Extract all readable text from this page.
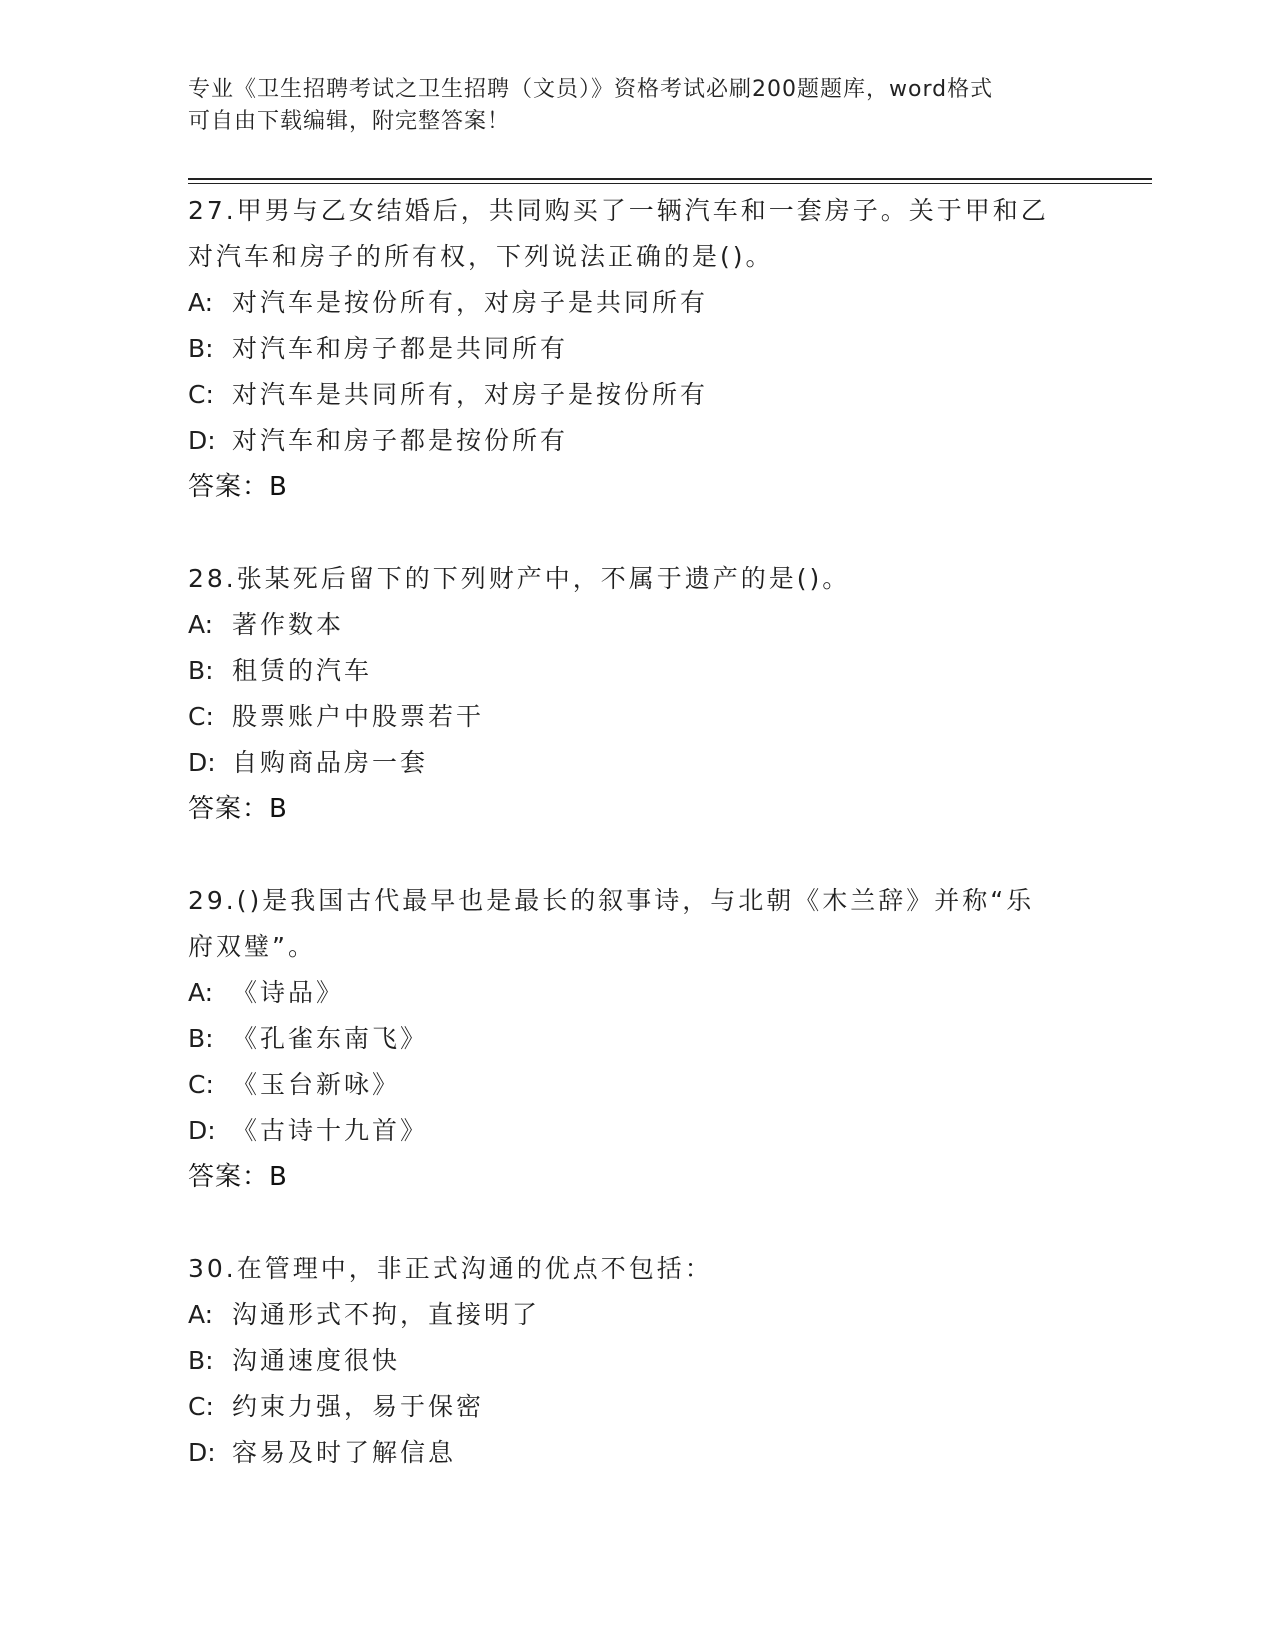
专业《卫生招聘考试之卫生招聘（文员）》资格考试必刷200题题库，word格式
可自由下载编辑，附完整答案！
27.甲男与乙女结婚后，共同购买了一辆汽车和一套房子。关于甲和乙
对汽车和房子的所有权，下列说法正确的是()。
A: 对汽车是按份所有，对房子是共同所有
B: 对汽车和房子都是共同所有
C: 对汽车是共同所有，对房子是按份所有
D: 对汽车和房子都是按份所有
答案：B
28.张某死后留下的下列财产中，不属于遗产的是()。
A: 著作数本
B: 租赁的汽车
C: 股票账户中股票若干
D: 自购商品房一套
答案：B
29.()是我国古代最早也是最长的叙事诗，与北朝《木兰辞》并称“乐
府双璧”。
A: 《诗品》
B: 《孔雀东南飞》
C: 《玉台新咏》
D: 《古诗十九首》
答案：B
30.在管理中，非正式沟通的优点不包括：
A: 沟通形式不拘，直接明了
B: 沟通速度很快
C: 约束力强，易于保密
D: 容易及时了解信息
